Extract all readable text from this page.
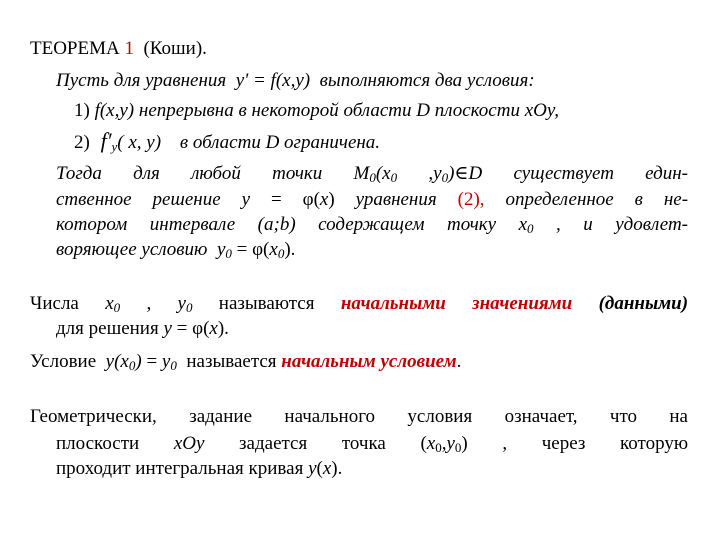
ТЕОРЕМА 1 (Коши).
Пусть для уравнения y' = f(x,y) выполняются два условия:
1) f(x,y) непрерывна в некоторой области D плоскости xOy,
2) $f'_y$( x, y) в области D ограничена.
Тогда для любой точки $M_0(x_0$ $,y_0)\in D$ существует един-
ственное решение y = φ(x) уравнения (2), определенное в не-
котором интервале (a;b) содержащем точку $x_0$ , и удовлет-
воряющее условию $y_0 = \varphi(x_0)$.
Числа $x_0$ , $y_0$ называются начальными значениями (данными)
для решения y = φ(x).
Условие $y(x_0) = y_0$ называется начальным условием.
Геометрически, задание начального условия означает, что на
плоскости xOy задается точка $(x_0,y_0)$ , через которую
проходит интегральная кривая y(x).
